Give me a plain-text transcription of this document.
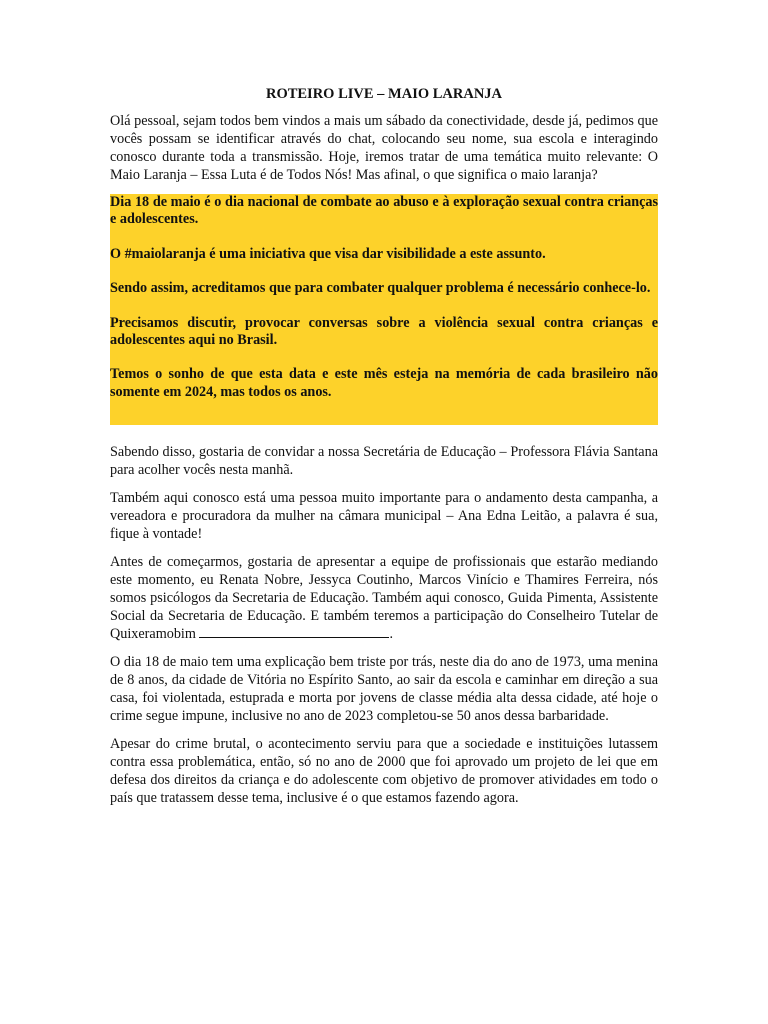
ROTEIRO LIVE – MAIO LARANJA

Olá pessoal, sejam todos bem vindos a mais um sábado da conectividade, desde já, pedimos que vocês possam se identificar através do chat, colocando seu nome, sua escola e interagindo conosco durante toda a transmissão. Hoje, iremos tratar de uma temática muito relevante: O Maio Laranja – Essa Luta é de Todos Nós! Mas afinal, o que significa o maio laranja?

Dia 18 de maio é o dia nacional de combate ao abuso e à exploração sexual contra crianças e adolescentes.

O #maiolaranja é uma iniciativa que visa dar visibilidade a este assunto.

Sendo assim, acreditamos que para combater qualquer problema é necessário conhece-lo.

Precisamos discutir, provocar conversas sobre a violência sexual contra crianças e adolescentes aqui no Brasil.

Temos o sonho de que esta data e este mês esteja na memória de cada brasileiro não somente em 2024, mas todos os anos.

Sabendo disso, gostaria de convidar a nossa Secretária de Educação – Professora Flávia Santana para acolher vocês nesta manhã.

Também aqui conosco está uma pessoa muito importante para o andamento desta campanha, a vereadora e procuradora da mulher na câmara municipal – Ana Edna Leitão, a palavra é sua, fique à vontade!

Antes de começarmos, gostaria de apresentar a equipe de profissionais que estarão mediando este momento, eu Renata Nobre, Jessyca Coutinho, Marcos Vinício e Thamires Ferreira, nós somos psicólogos da Secretaria de Educação. Também aqui conosco, Guida Pimenta, Assistente Social da Secretaria de Educação. E também teremos a participação do Conselheiro Tutelar de Quixeramobim	.

O dia 18 de maio tem uma explicação bem triste por trás, neste dia do ano de 1973, uma menina de 8 anos, da cidade de Vitória no Espírito Santo, ao sair da escola e caminhar em direção a sua casa, foi violentada, estuprada e morta por jovens de classe média alta dessa cidade, até hoje o crime segue impune, inclusive no ano de 2023 completou-se 50 anos dessa barbaridade.

Apesar do crime brutal, o acontecimento serviu para que a sociedade e instituições lutassem contra essa problemática, então, só no ano de 2000 que foi aprovado um projeto de lei que em defesa dos direitos da criança e do adolescente com objetivo de promover atividades em todo o país que tratassem desse tema, inclusive é o que estamos fazendo agora.
